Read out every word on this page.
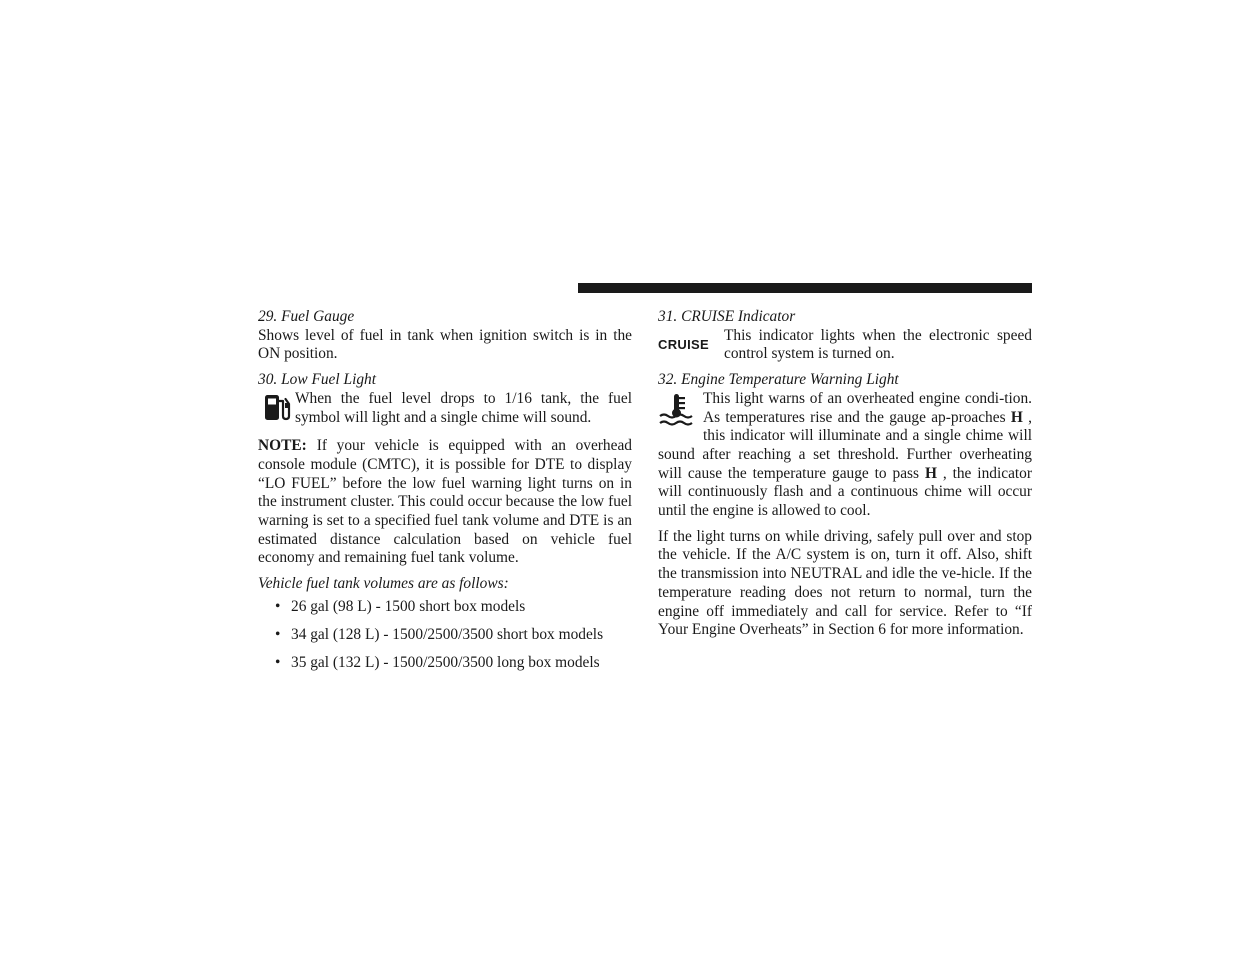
29. Fuel Gauge

Shows level of fuel in tank when ignition switch is in the ON position.

30. Low Fuel Light

When the fuel level drops to 1/16 tank, the fuel symbol will light and a single chime will sound.

NOTE: If your vehicle is equipped with an overhead console module (CMTC), it is possible for DTE to display “LO FUEL” before the low fuel warning light turns on in the instrument cluster. This could occur because the low fuel warning is set to a specified fuel tank volume and DTE is an estimated distance calculation based on vehicle fuel economy and remaining fuel tank volume.

Vehicle fuel tank volumes are as follows:
• 26 gal (98 L) - 1500 short box models
• 34 gal (128 L) - 1500/2500/3500 short box models
• 35 gal (132 L) - 1500/2500/3500 long box models
31. CRUISE Indicator
CRUISE

This indicator lights when the electronic speed control system is turned on.

32. Engine Temperature Warning Light

This light warns of an overheated engine condi-tion. As temperatures rise and the gauge ap-proaches H , this indicator will illuminate and a single chime will sound after reaching a set threshold. Further overheating will cause the temperature gauge to pass H , the indicator will continuously flash and a continuous chime will occur until the engine is allowed to cool.

If the light turns on while driving, safely pull over and stop the vehicle. If the A/C system is on, turn it off. Also, shift the transmission into NEUTRAL and idle the ve-hicle. If the temperature reading does not return to normal, turn the engine off immediately and call for service. Refer to “If Your Engine Overheats” in Section 6 for more information.
